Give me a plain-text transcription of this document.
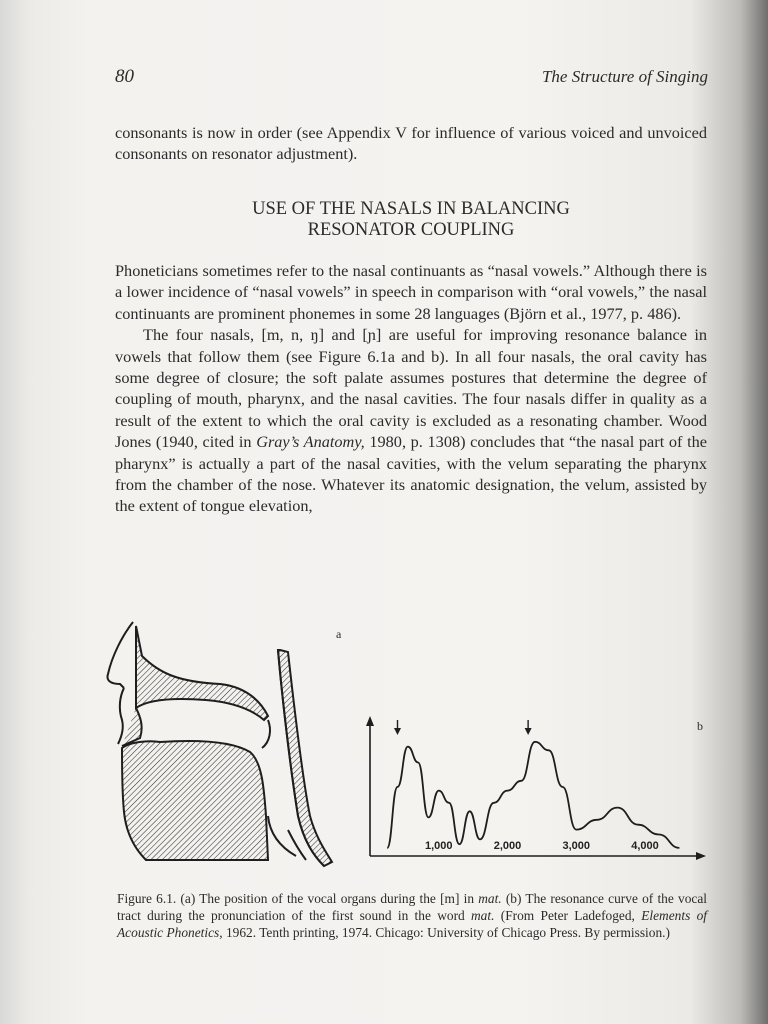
80	The Structure of Singing

consonants is now in order (see Appendix V for influence of various voiced and unvoiced consonants on resonator adjustment).

USE OF THE NASALS IN BALANCING
RESONATOR COUPLING

Phoneticians sometimes refer to the nasal continuants as “nasal vowels.” Although there is a lower incidence of “nasal vowels” in speech in comparison with “oral vowels,” the nasal continuants are prominent phonemes in some 28 languages (Björn et al., 1977, p. 486).

The four nasals, [m, n, ŋ] and [ɲ] are useful for improving resonance balance in vowels that follow them (see Figure 6.1a and b). In all four nasals, the oral cavity has some degree of closure; the soft palate assumes postures that determine the degree of coupling of mouth, pharynx, and the nasal cavities. The four nasals differ in quality as a result of the extent to which the oral cavity is excluded as a resonating chamber. Wood Jones (1940, cited in Gray’s Anatomy, 1980, p. 1308) concludes that “the nasal part of the pharynx” is actually a part of the nasal cavities, with the velum separating the pharynx from the chamber of the nose. Whatever its anatomic designation, the velum, assisted by the extent of tongue elevation,

a
b
1,000	2,000	3,000	4,000

Figure 6.1. (a) The position of the vocal organs during the [m] in mat. (b) The resonance curve of the vocal tract during the pronunciation of the first sound in the word mat. (From Peter Ladefoged, Elements of Acoustic Phonetics, 1962. Tenth printing, 1974. Chicago: University of Chicago Press. By permission.)
